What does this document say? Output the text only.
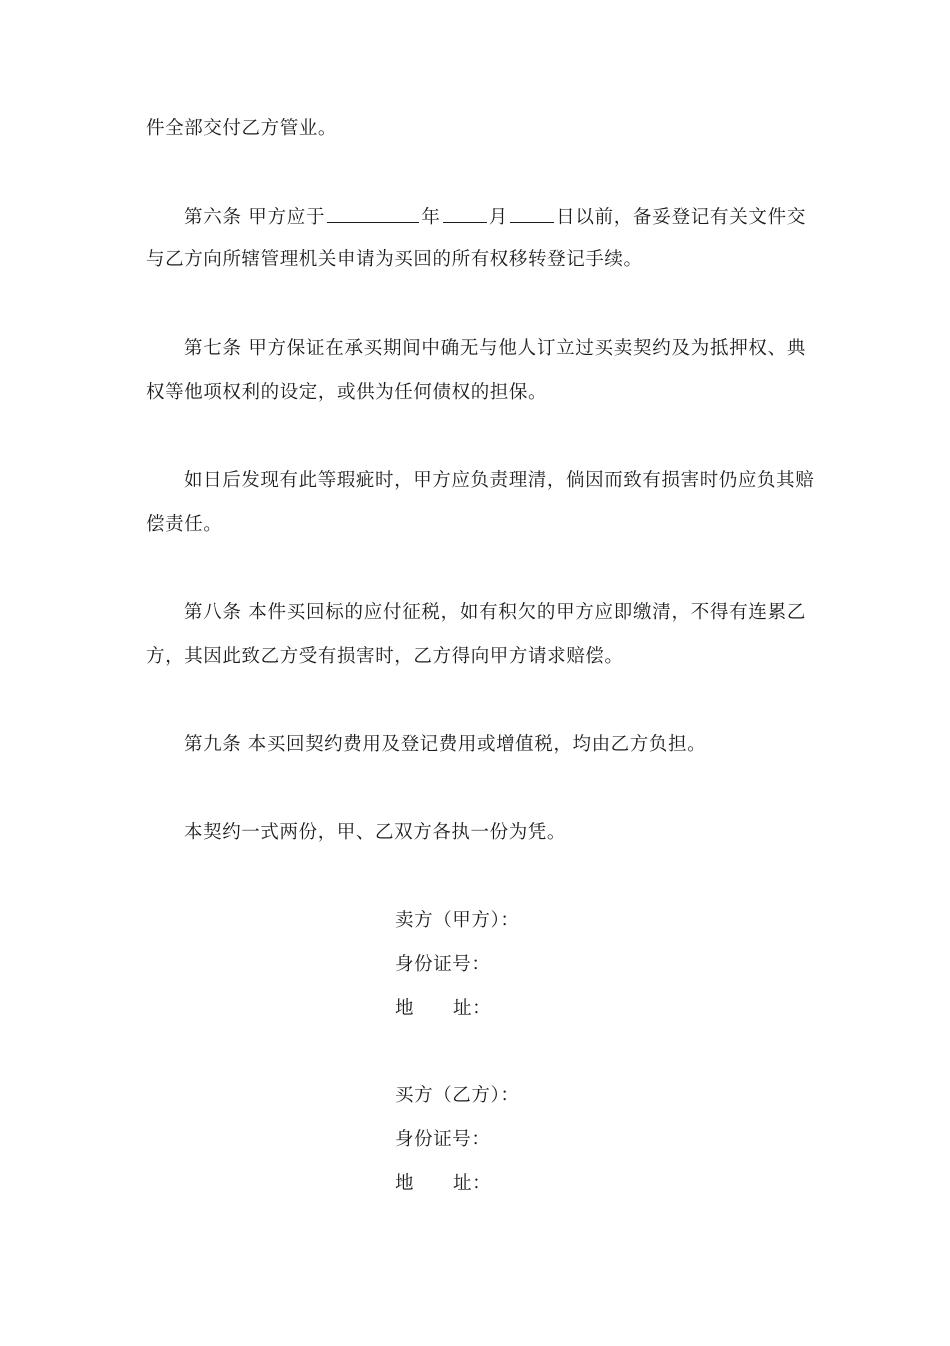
件全部交付乙方管业。
第六条 甲方应于	年	月	日以前，备妥登记有关文件交
与乙方向所辖管理机关申请为买回的所有权移转登记手续。
第七条 甲方保证在承买期间中确无与他人订立过买卖契约及为抵押权、典
权等他项权利的设定，或供为任何债权的担保。
如日后发现有此等瑕疵时，甲方应负责理清，倘因而致有损害时仍应负其赔
偿责任。
第八条 本件买回标的应付征税，如有积欠的甲方应即缴清，不得有连累乙
方，其因此致乙方受有损害时，乙方得向甲方请求赔偿。
第九条 本买回契约费用及登记费用或增值税，均由乙方负担。
本契约一式两份，甲、乙双方各执一份为凭。
卖方（甲方）：
身份证号：
地      址：
买方（乙方）：
身份证号：
地      址：
